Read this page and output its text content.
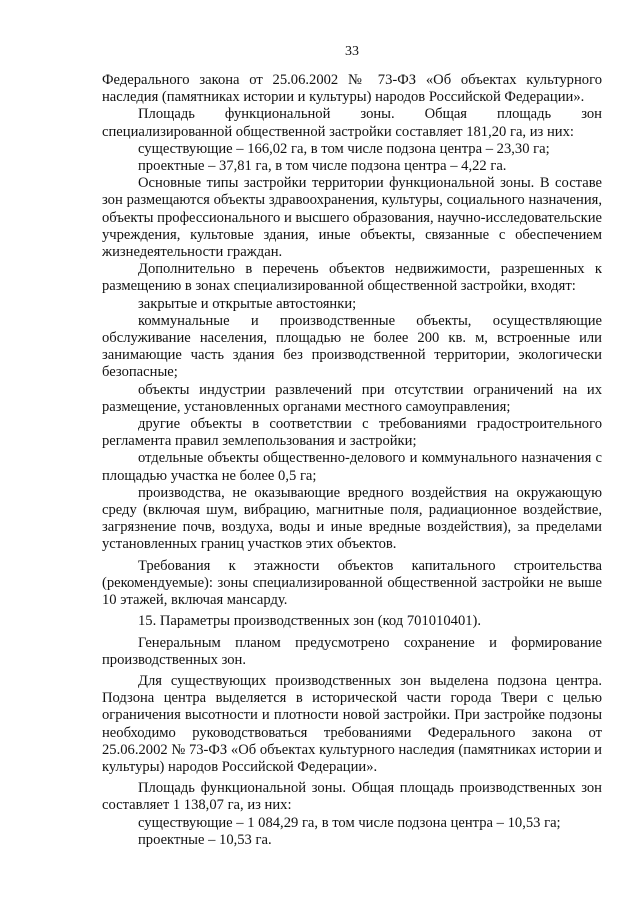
33

Федерального закона от 25.06.2002 № 73-ФЗ «Об объектах культурного наследия (памятниках истории и культуры) народов Российской Федерации».

Площадь функциональной зоны. Общая площадь зон специализированной общественной застройки составляет 181,20 га, из них:

существующие – 166,02 га, в том числе подзона центра – 23,30 га;

проектные – 37,81 га, в том числе подзона центра – 4,22 га.

Основные типы застройки территории функциональной зоны. В составе зон размещаются объекты здравоохранения, культуры, социального назначения, объекты профессионального и высшего образования, научно-исследовательские учреждения, культовые здания, иные объекты, связанные с обеспечением жизнедеятельности граждан.

Дополнительно в перечень объектов недвижимости, разрешенных к размещению в зонах специализированной общественной застройки, входят:

закрытые и открытые автостоянки;

коммунальные и производственные объекты, осуществляющие обслуживание населения, площадью не более 200 кв. м, встроенные или занимающие часть здания без производственной территории, экологически безопасные;

объекты индустрии развлечений при отсутствии ограничений на их размещение, установленных органами местного самоуправления;

другие объекты в соответствии с требованиями градостроительного регламента правил землепользования и застройки;

отдельные объекты общественно-делового и коммунального назначения с площадью участка не более 0,5 га;

производства, не оказывающие вредного воздействия на окружающую среду (включая шум, вибрацию, магнитные поля, радиационное воздействие, загрязнение почв, воздуха, воды и иные вредные воздействия), за пределами установленных границ участков этих объектов.

Требования к этажности объектов капитального строительства (рекомендуемые): зоны специализированной общественной застройки не выше 10 этажей, включая мансарду.

15. Параметры производственных зон (код 701010401).

Генеральным планом предусмотрено сохранение и формирование производственных зон.

Для существующих производственных зон выделена подзона центра. Подзона центра выделяется в исторической части города Твери с целью ограничения высотности и плотности новой застройки. При застройке подзоны необходимо руководствоваться требованиями Федерального закона от 25.06.2002 № 73-ФЗ «Об объектах культурного наследия (памятниках истории и культуры) народов Российской Федерации».

Площадь функциональной зоны. Общая площадь производственных зон составляет 1 138,07 га, из них:

существующие – 1 084,29 га, в том числе подзона центра – 10,53 га;

проектные – 10,53 га.
